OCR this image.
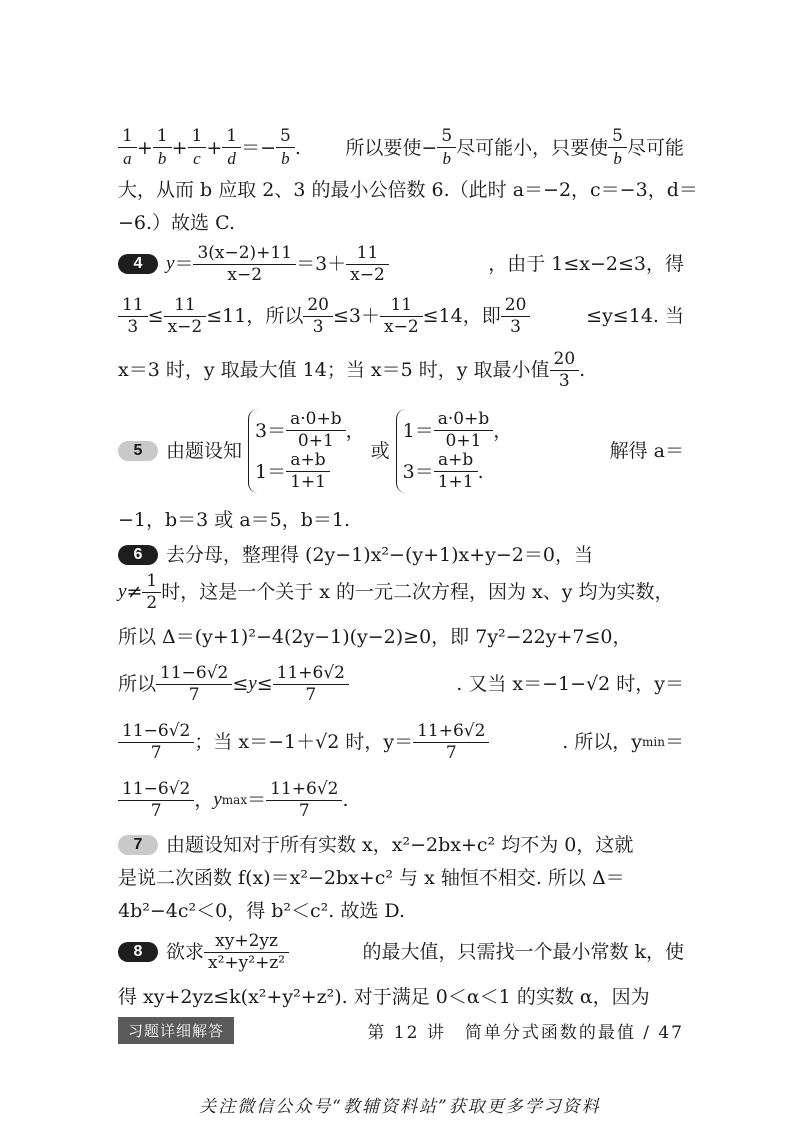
$\frac{1}{a} + \frac{1}{b} + \frac{1}{c} + \frac{1}{d} =- \frac{5}{b}$ . 所以要使 − $\frac{5}{b}$ 尽可能小，只要使 $\frac{5}{b}$ 尽可能
大，从而 b 应取 2、3 的最小公倍数 6.（此时 a＝−2，c＝−3，d＝
−6.）故选 C.
4	$y = \frac{3(x-2)+11}{x-2} =3+ \frac{11}{x-2}$	，由于 1≤x−2≤3，得
$\frac{11}{3} \le \frac{11}{x-2} \le 11$，所以 $\frac{20}{3} \le 3+ \frac{11}{x-2} \le 14$，即 $\frac{20}{3}$	≤y≤14. 当
x＝3 时，y 取最大值 14；当 x＝5 时，y 取最小值 $\frac{20}{3}$ .
5	由题设知
$3= \frac{a\cdot 0+b}{0+1}$ ，
$1= \frac{a+b}{1+1}$
或
$1= \frac{a\cdot 0+b}{0+1}$ ，
$3= \frac{a+b}{1+1}$ .
解得 a＝
−1，b＝3 或 a＝5，b＝1.
6	去分母，整理得 (2y−1)x²−(y+1)x+y−2＝0，当
$y \ne \frac{1}{2}$ 时，这是一个关于 x 的一元二次方程，因为 x、y 均为实数，
所以 Δ＝(y+1)²−4(2y−1)(y−2)≥0，即 7y²−22y+7≤0，
所以 $\frac{11-6√2}{7} \le y \le \frac{11+6√2}{7}$	. 又当 x＝−1−√2 时，y＝
$\frac{11-6√2}{7}$ ；当 x＝−1＋√2 时，$y= \frac{11+6√2}{7}$	. 所以，y min ＝
$\frac{11-6√2}{7}$ ， y $\max = \frac{11+6√2}{7}$ .
7	由题设知对于所有实数 x，x²−2bx+c² 均不为 0，这就
是说二次函数 f(x)＝x²−2bx+c² 与 x 轴恒不相交. 所以 Δ＝
4b²−4c²＜0，得 b²＜c². 故选 D.
8	欲求 $\frac{xy+2yz}{\text{x²+y²+z²}}$	的最大值，只需找一个最小常数 k，使
得 xy+2yz≤k(x²+y²+z²). 对于满足 0＜α＜1 的实数 α，因为
习题详细解答	第 12 讲　简单分式函数的最值 / 47
关注微信公众号“教辅资料站”获取更多学习资料
